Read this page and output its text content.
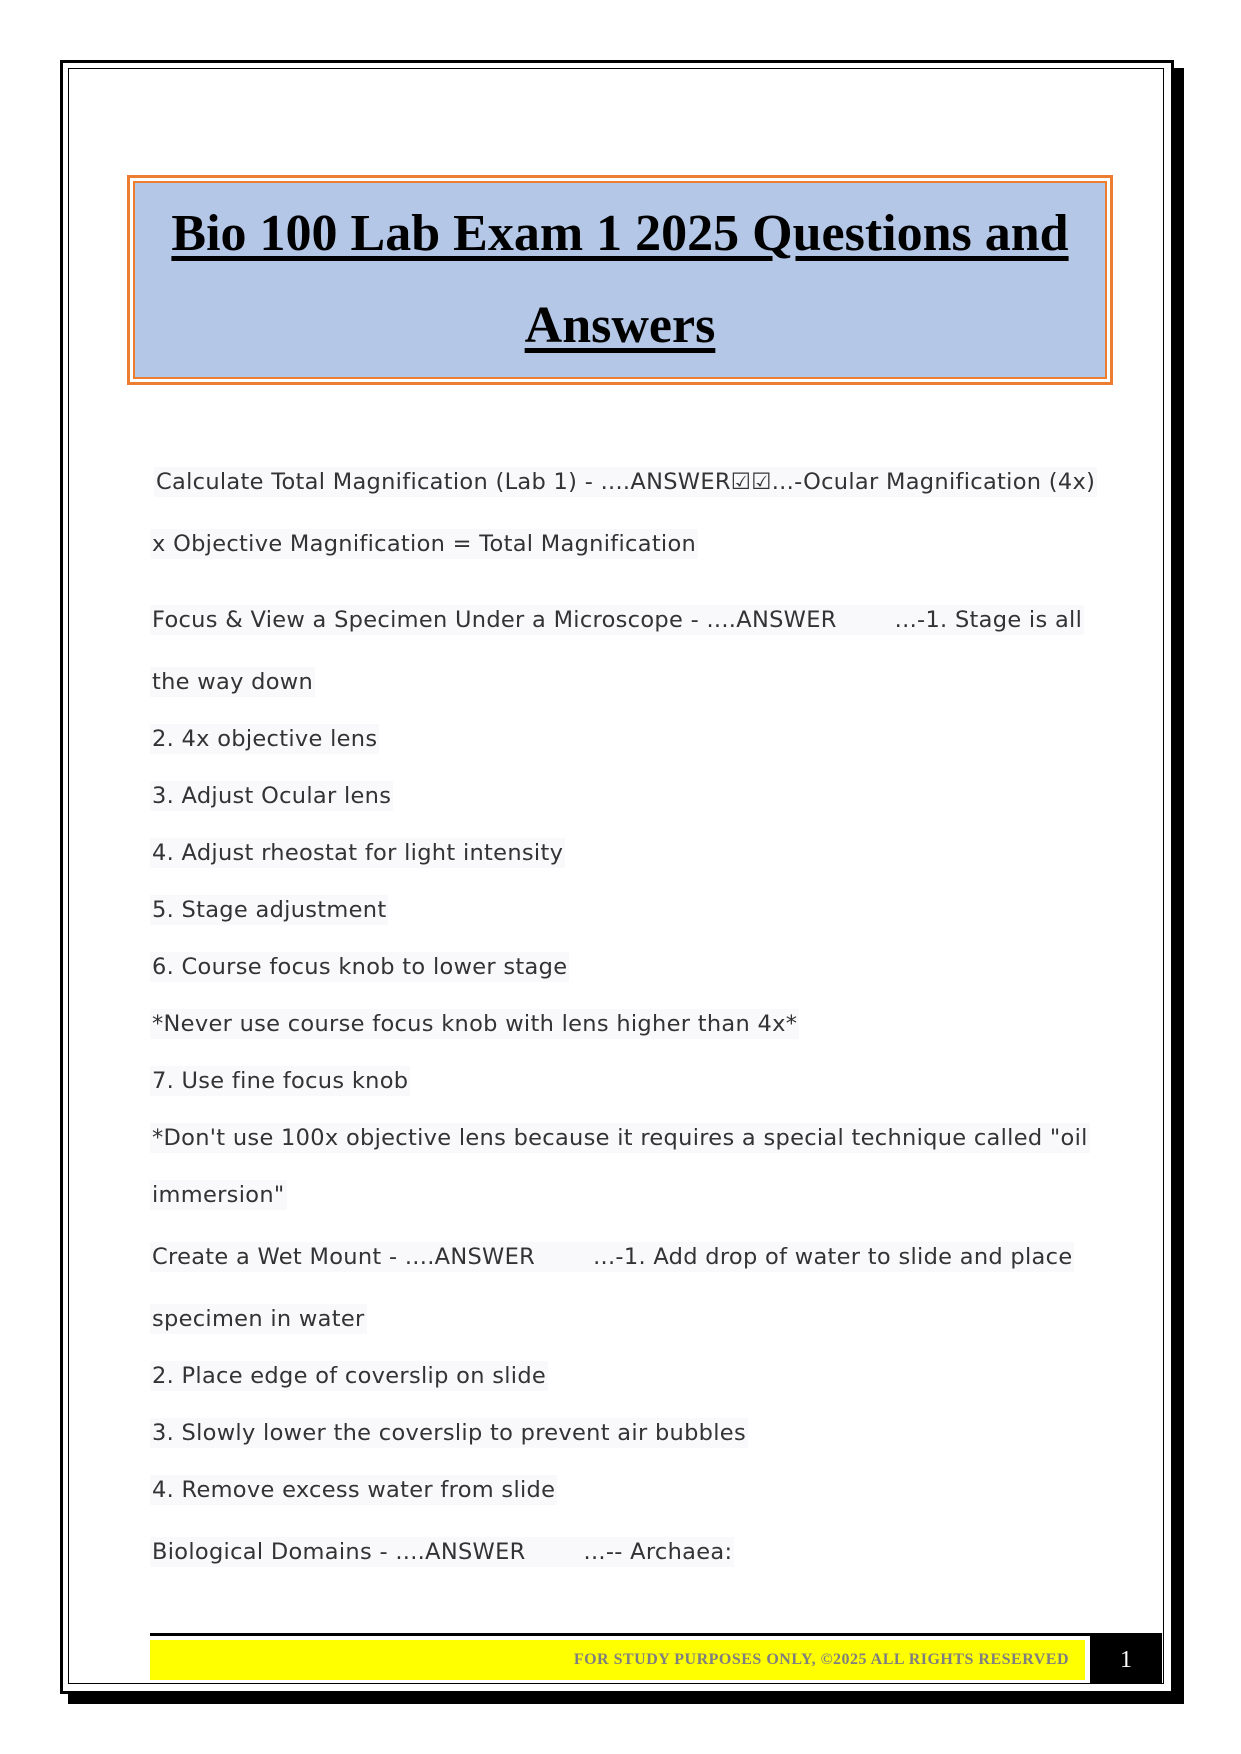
Bio 100 Lab Exam 1 2025 Questions and
Answers
Calculate Total Magnification (Lab 1) - ....ANSWER☑☑...-Ocular Magnification (4x)
x Objective Magnification = Total Magnification
Focus & View a Specimen Under a Microscope - ....ANSWER	...-1. Stage is all
the way down
2. 4x objective lens
3. Adjust Ocular lens
4. Adjust rheostat for light intensity
5. Stage adjustment
6. Course focus knob to lower stage
*Never use course focus knob with lens higher than 4x*
7. Use fine focus knob
*Don't use 100x objective lens because it requires a special technique called "oil
immersion"
Create a Wet Mount - ....ANSWER	...-1. Add drop of water to slide and place
specimen in water
2. Place edge of coverslip on slide
3. Slowly lower the coverslip to prevent air bubbles
4. Remove excess water from slide
Biological Domains - ....ANSWER	...-- Archaea:
FOR STUDY PURPOSES ONLY, ©2025 ALL RIGHTS RESERVED 1
